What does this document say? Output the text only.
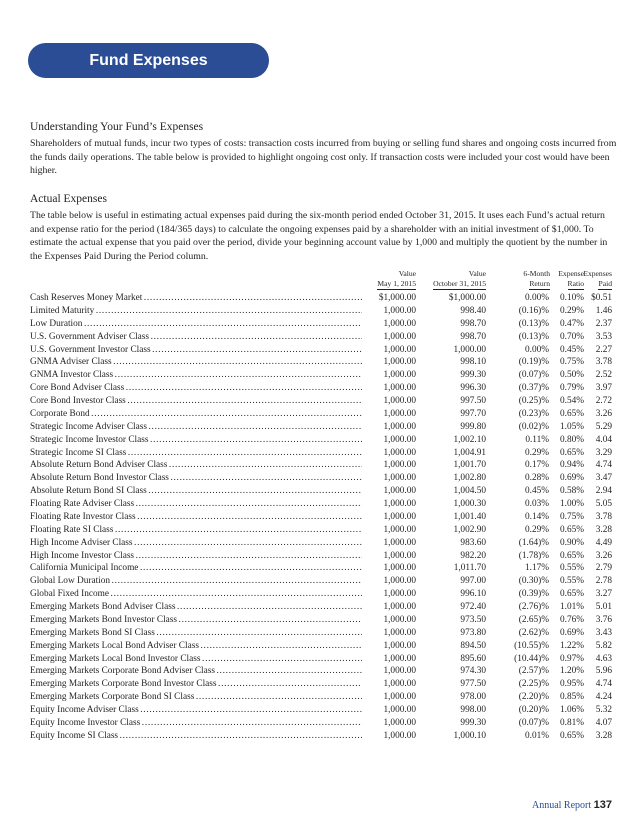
Fund Expenses
Understanding Your Fund’s Expenses
Shareholders of mutual funds, incur two types of costs: transaction costs incurred from buying or selling fund shares and ongoing costs incurred from the funds daily operations. The table below is provided to highlight ongoing cost only. If transaction costs were included your cost would have been higher.
Actual Expenses
The table below is useful in estimating actual expenses paid during the six-month period ended October 31, 2015. It uses each Fund’s actual return and expense ratio for the period (184/365 days) to calculate the ongoing expenses paid by a shareholder with an initial investment of $1,000. To estimate the actual expense that you paid over the period, divide your beginning account value by 1,000 and multiply the quotient by the number in the Expenses Paid During the Period column.
Value
May 1, 2015
Value
October 31, 2015
6-Month
Return
Expense
Ratio
Expenses
Paid
Cash Reserves Money Market . . .	$1,000.00	$1,000.00	0.00% 0.10% $0.51
Limited Maturity . . .	1,000.00	998.40	(0.16)% 0.29% 1.46
Low Duration . . .	1,000.00	998.70	(0.13)% 0.47% 2.37
U.S. Government Adviser Class . . .	1,000.00	998.70	(0.13)% 0.70% 3.53
U.S. Government Investor Class . . .	1,000.00	1,000.00	0.00% 0.45% 2.27
GNMA Adviser Class . . .	1,000.00	998.10	(0.19)% 0.75% 3.78
GNMA Investor Class . . .	1,000.00	999.30	(0.07)% 0.50% 2.52
Core Bond Adviser Class . . .	1,000.00	996.30	(0.37)% 0.79% 3.97
Core Bond Investor Class . . .	1,000.00	997.50	(0.25)% 0.54% 2.72
Corporate Bond . . .	1,000.00	997.70	(0.23)% 0.65% 3.26
Strategic Income Adviser Class . . .	1,000.00	999.80	(0.02)% 1.05% 5.29
Strategic Income Investor Class . . .	1,000.00	1,002.10	0.11% 0.80% 4.04
Strategic Income SI Class . . .	1,000.00	1,004.91	0.29% 0.65% 3.29
Absolute Return Bond Adviser Class . . .	1,000.00	1,001.70	0.17% 0.94% 4.74
Absolute Return Bond Investor Class . . .	1,000.00	1,002.80	0.28% 0.69% 3.47
Absolute Return Bond SI Class . . .	1,000.00	1,004.50	0.45% 0.58% 2.94
Floating Rate Adviser Class . . .	1,000.00	1,000.30	0.03% 1.00% 5.05
Floating Rate Investor Class . . .	1,000.00	1,001.40	0.14% 0.75% 3.78
Floating Rate SI Class . . .	1,000.00	1,002.90	0.29% 0.65% 3.28
High Income Adviser Class . . .	1,000.00	983.60	(1.64)% 0.90% 4.49
High Income Investor Class . . .	1,000.00	982.20	(1.78)% 0.65% 3.26
California Municipal Income . . .	1,000.00	1,011.70	1.17% 0.55% 2.79
Global Low Duration . . .	1,000.00	997.00	(0.30)% 0.55% 2.78
Global Fixed Income . . .	1,000.00	996.10	(0.39)% 0.65% 3.27
Emerging Markets Bond Adviser Class . . .	1,000.00	972.40	(2.76)% 1.01% 5.01
Emerging Markets Bond Investor Class . . .	1,000.00	973.50	(2.65)% 0.76% 3.76
Emerging Markets Bond SI Class . . .	1,000.00	973.80	(2.62)% 0.69% 3.43
Emerging Markets Local Bond Adviser Class . . .	1,000.00	894.50	(10.55)% 1.22% 5.82
Emerging Markets Local Bond Investor Class . . .	1,000.00	895.60	(10.44)% 0.97% 4.63
Emerging Markets Corporate Bond Adviser Class . . .	1,000.00	974.30	(2.57)% 1.20% 5.96
Emerging Markets Corporate Bond Investor Class . . .	1,000.00	977.50	(2.25)% 0.95% 4.74
Emerging Markets Corporate Bond SI Class . . .	1,000.00	978.00	(2.20)% 0.85% 4.24
Equity Income Adviser Class . . .	1,000.00	998.00	(0.20)% 1.06% 5.32
Equity Income Investor Class . . .	1,000.00	999.30	(0.07)% 0.81% 4.07
Equity Income SI Class . . .	1,000.00	1,000.10	0.01% 0.65% 3.28
Annual Report 137
